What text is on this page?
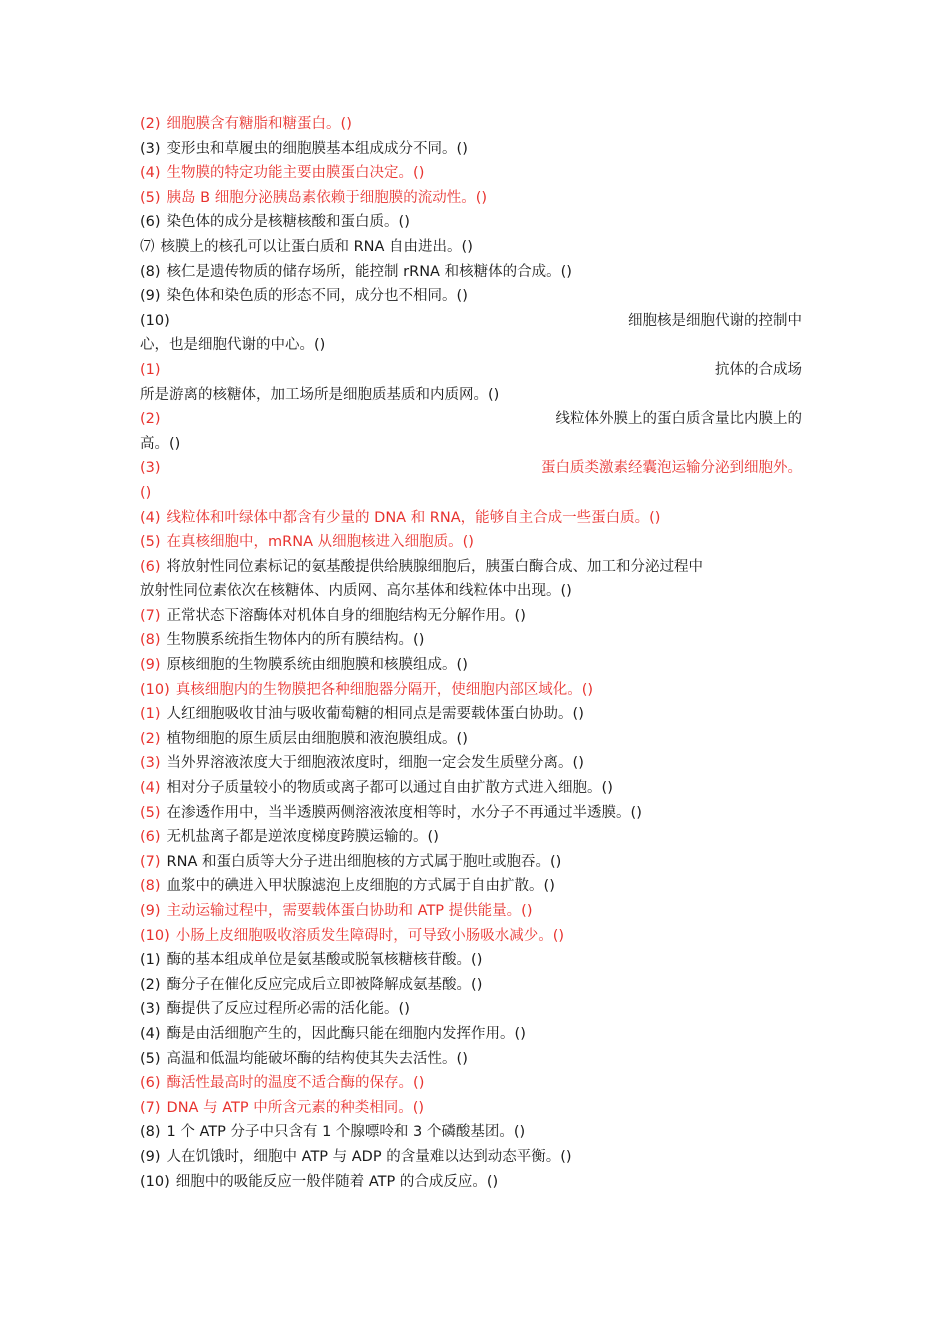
(2) 细胞膜含有糖脂和糖蛋白。()
(3) 变形虫和草履虫的细胞膜基本组成成分不同。()
(4) 生物膜的特定功能主要由膜蛋白决定。()
(5) 胰岛 B 细胞分泌胰岛素依赖于细胞膜的流动性。()
(6) 染色体的成分是核糖核酸和蛋白质。()
⑺ 核膜上的核孔可以让蛋白质和 RNA 自由进出。()
(8) 核仁是遗传物质的储存场所，能控制 rRNA 和核糖体的合成。()
(9) 染色体和染色质的形态不同，成分也不相同。()
(10)	细胞核是细胞代谢的控制中
心，也是细胞代谢的中心。()
(1)	抗体的合成场
所是游离的核糖体，加工场所是细胞质基质和内质网。()
(2)	线粒体外膜上的蛋白质含量比内膜上的
高。()
(3)	蛋白质类激素经囊泡运输分泌到细胞外。
()
(4) 线粒体和叶绿体中都含有少量的 DNA 和 RNA，能够自主合成一些蛋白质。()
(5) 在真核细胞中，mRNA 从细胞核进入细胞质。()
(6) 将放射性同位素标记的氨基酸提供给胰腺细胞后，胰蛋白酶合成、加工和分泌过程中
放射性同位素依次在核糖体、内质网、高尔基体和线粒体中出现。()
(7) 正常状态下溶酶体对机体自身的细胞结构无分解作用。()
(8) 生物膜系统指生物体内的所有膜结构。()
(9) 原核细胞的生物膜系统由细胞膜和核膜组成。()
(10) 真核细胞内的生物膜把各种细胞器分隔开，使细胞内部区域化。()
(1) 人红细胞吸收甘油与吸收葡萄糖的相同点是需要载体蛋白协助。()
(2) 植物细胞的原生质层由细胞膜和液泡膜组成。()
(3) 当外界溶液浓度大于细胞液浓度时，细胞一定会发生质壁分离。()
(4) 相对分子质量较小的物质或离子都可以通过自由扩散方式进入细胞。()
(5) 在渗透作用中，当半透膜两侧溶液浓度相等时，水分子不再通过半透膜。()
(6) 无机盐离子都是逆浓度梯度跨膜运输的。()
(7) RNA 和蛋白质等大分子进出细胞核的方式属于胞吐或胞吞。()
(8) 血浆中的碘进入甲状腺滤泡上皮细胞的方式属于自由扩散。()
(9) 主动运输过程中，需要载体蛋白协助和 ATP 提供能量。()
(10) 小肠上皮细胞吸收溶质发生障碍时，可导致小肠吸水减少。()
(1) 酶的基本组成单位是氨基酸或脱氧核糖核苷酸。()
(2) 酶分子在催化反应完成后立即被降解成氨基酸。()
(3) 酶提供了反应过程所必需的活化能。()
(4) 酶是由活细胞产生的，因此酶只能在细胞内发挥作用。()
(5) 高温和低温均能破坏酶的结构使其失去活性。()
(6) 酶活性最高时的温度不适合酶的保存。()
(7) DNA 与 ATP 中所含元素的种类相同。()
(8) 1 个 ATP 分子中只含有 1 个腺嘌呤和 3 个磷酸基团。()
(9) 人在饥饿时，细胞中 ATP 与 ADP 的含量难以达到动态平衡。()
(10) 细胞中的吸能反应一般伴随着 ATP 的合成反应。()
